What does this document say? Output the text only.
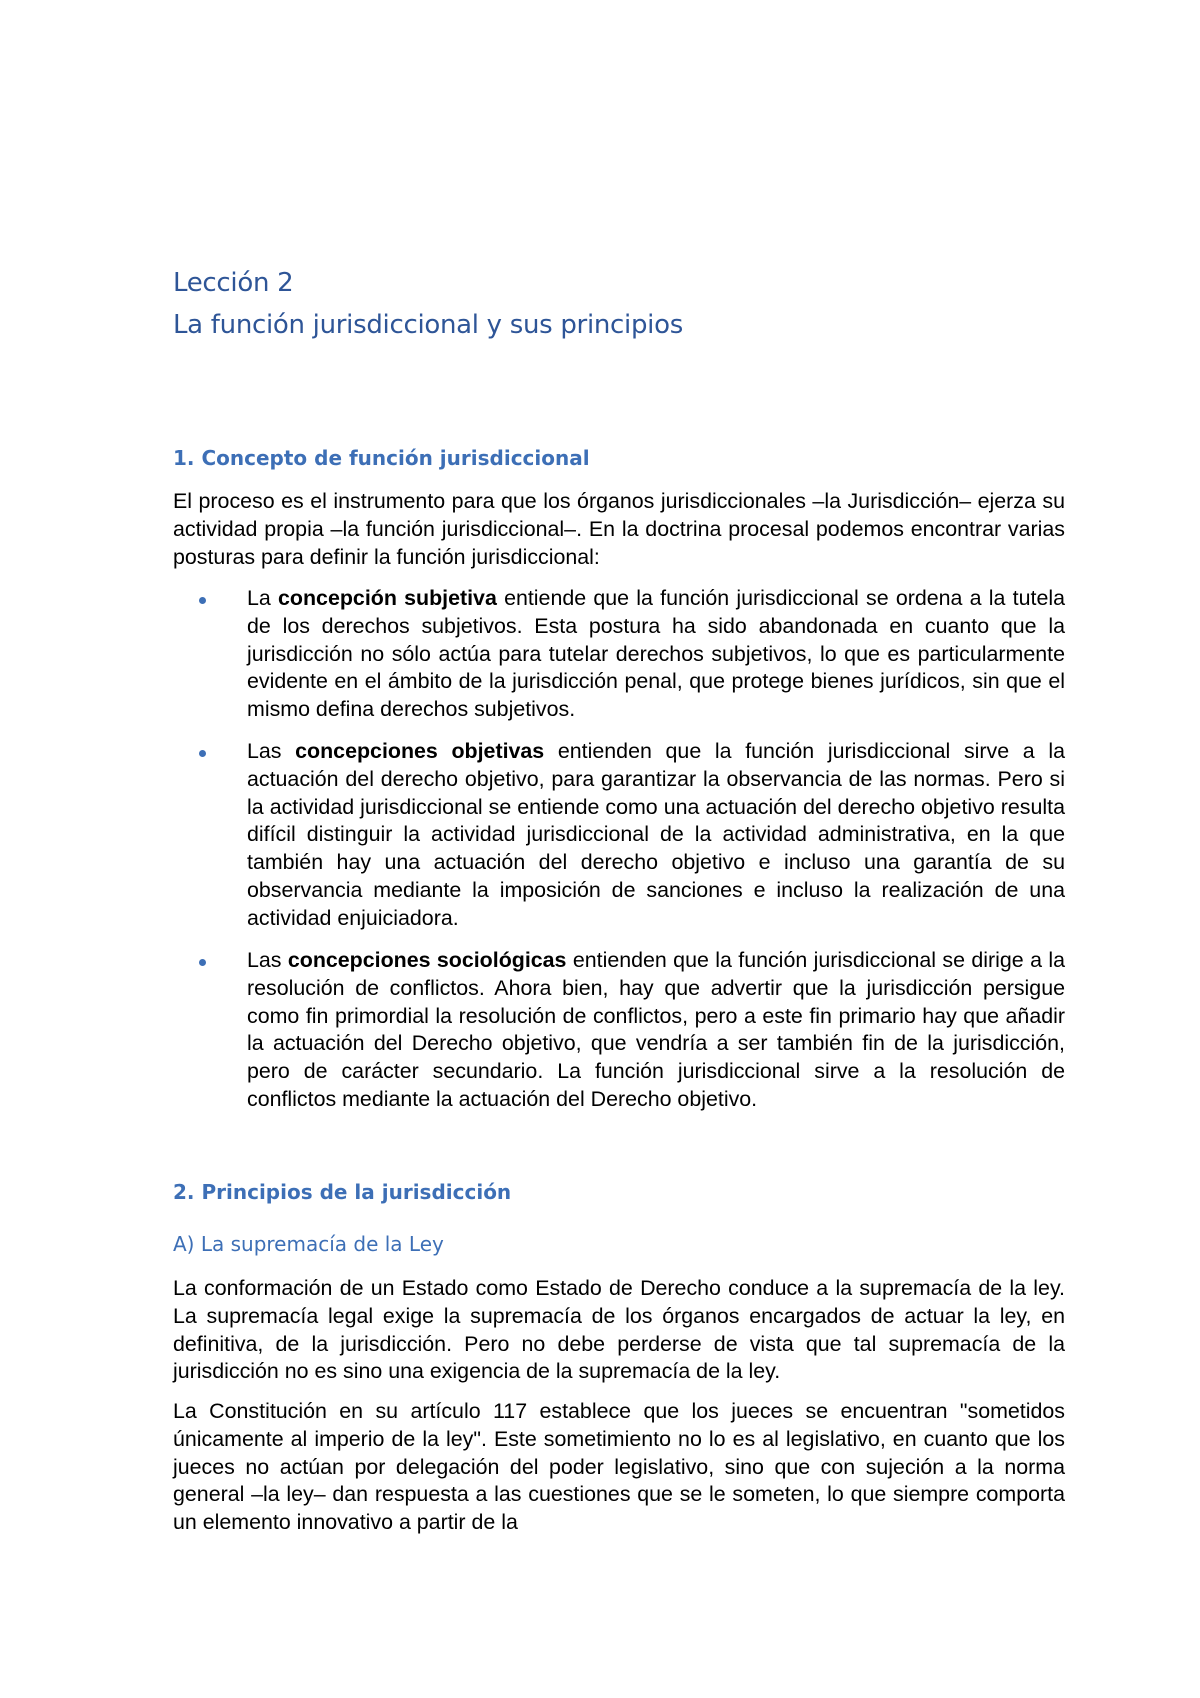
Lección 2
La función jurisdiccional y sus principios
1. Concepto de función jurisdiccional

El proceso es el instrumento para que los órganos jurisdiccionales –la Jurisdicción– ejerza su actividad propia –la función jurisdiccional–. En la doctrina procesal podemos encontrar varias posturas para definir la función jurisdiccional:

La concepción subjetiva entiende que la función jurisdiccional se ordena a la tutela de los derechos subjetivos. Esta postura ha sido abandonada en cuanto que la jurisdicción no sólo actúa para tutelar derechos subjetivos, lo que es particularmente evidente en el ámbito de la jurisdicción penal, que protege bienes jurídicos, sin que el mismo defina derechos subjetivos.

Las concepciones objetivas entienden que la función jurisdiccional sirve a la actuación del derecho objetivo, para garantizar la observancia de las normas. Pero si la actividad jurisdiccional se entiende como una actuación del derecho objetivo resulta difícil distinguir la actividad jurisdiccional de la actividad administrativa, en la que también hay una actuación del derecho objetivo e incluso una garantía de su observancia mediante la imposición de sanciones e incluso la realización de una actividad enjuiciadora.

Las concepciones sociológicas entienden que la función jurisdiccional se dirige a la resolución de conflictos. Ahora bien, hay que advertir que la jurisdicción persigue como fin primordial la resolución de conflictos, pero a este fin primario hay que añadir la actuación del Derecho objetivo, que vendría a ser también fin de la jurisdicción, pero de carácter secundario. La función jurisdiccional sirve a la resolución de conflictos mediante la actuación del Derecho objetivo.

2. Principios de la jurisdicción
A) La supremacía de la Ley

La conformación de un Estado como Estado de Derecho conduce a la supremacía de la ley. La supremacía legal exige la supremacía de los órganos encargados de actuar la ley, en definitiva, de la jurisdicción. Pero no debe perderse de vista que tal supremacía de la jurisdicción no es sino una exigencia de la supremacía de la ley.

La Constitución en su artículo 117 establece que los jueces se encuentran "sometidos únicamente al imperio de la ley". Este sometimiento no lo es al legislativo, en cuanto que los jueces no actúan por delegación del poder legislativo, sino que con sujeción a la norma general –la ley– dan respuesta a las cuestiones que se le someten, lo que siempre comporta un elemento innovativo a partir de la
